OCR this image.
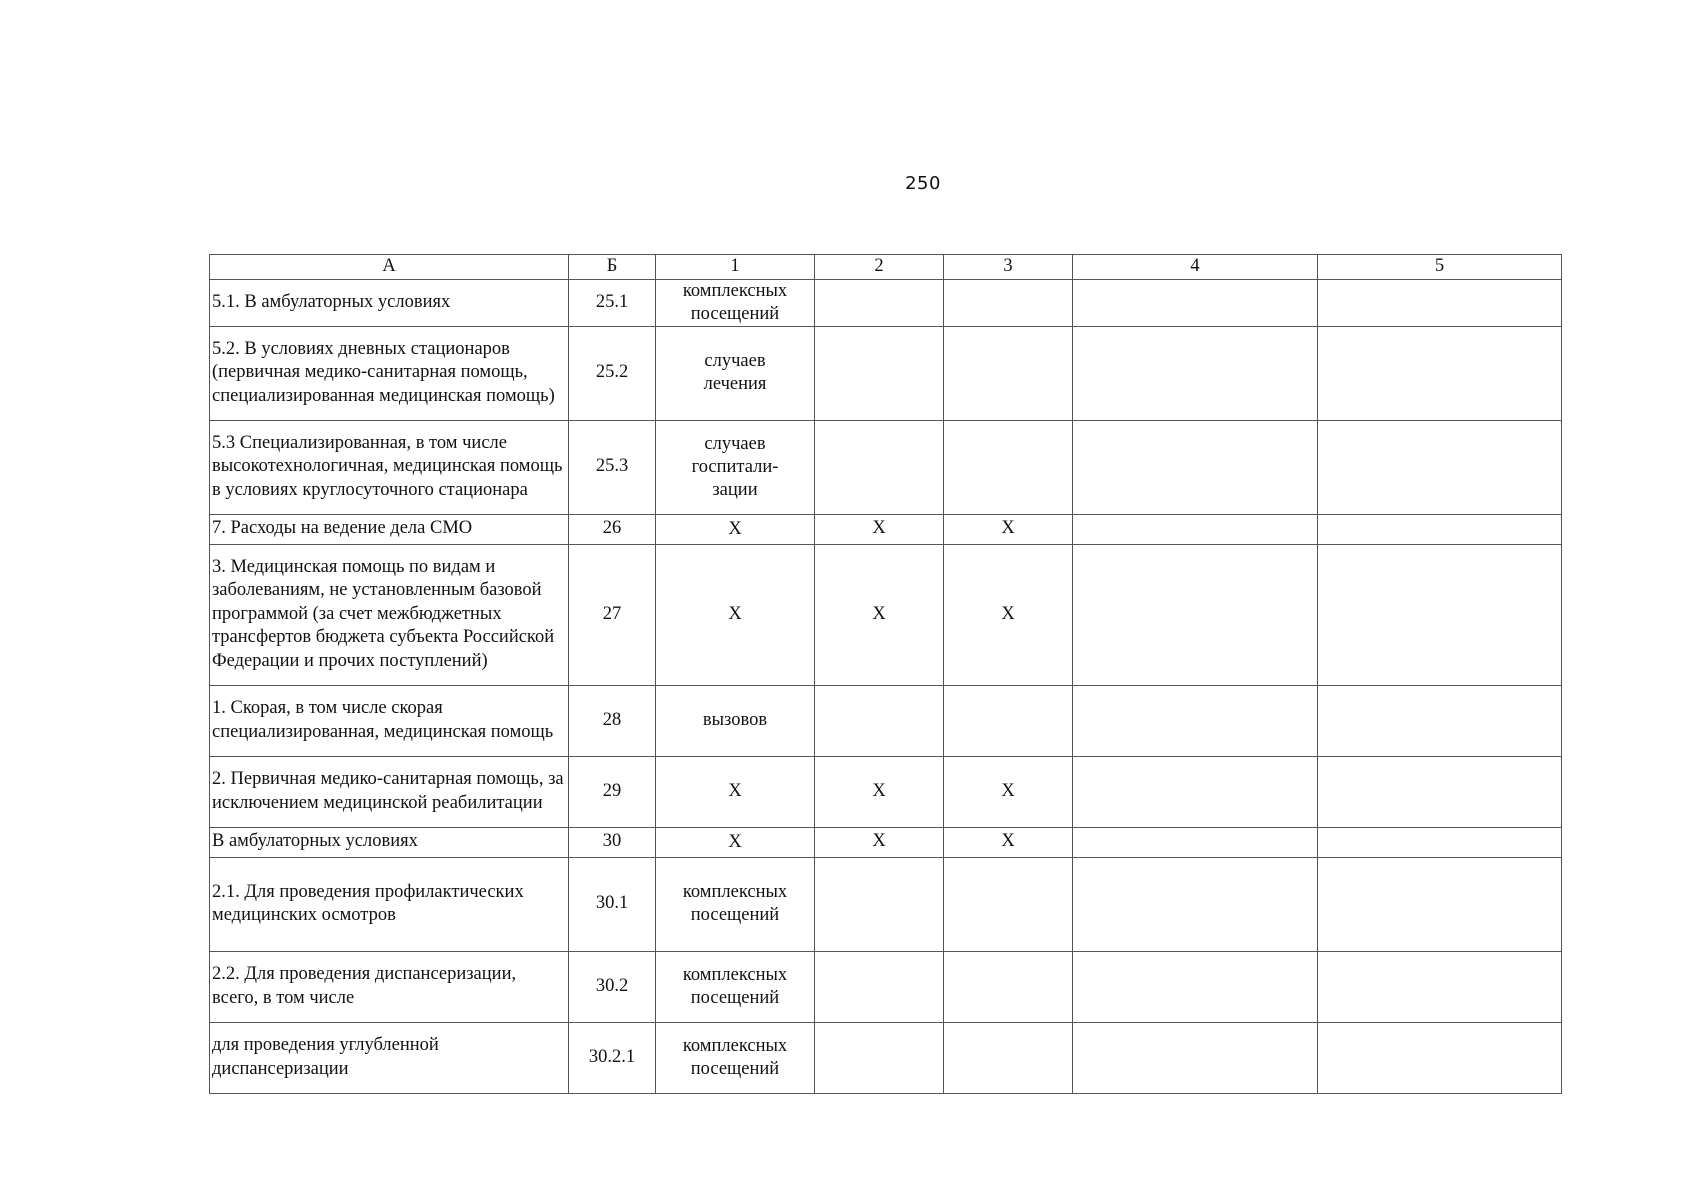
250
А	Б	1	2	3	4	5
5.1. В амбулаторных условиях	25.1	комплексных посещений				
5.2. В условиях дневных стационаров (первичная медико-санитарная помощь, специализированная медицинская помощь)	25.2	случаев лечения				
5.3 Специализированная, в том числе высокотехнологичная, медицинская помощь в условиях круглосуточного стационара	25.3	случаев госпитали-зации				
7. Расходы на ведение дела СМО	26	Х	Х	Х		
3. Медицинская помощь по видам и заболеваниям, не установленным базовой программой (за счет межбюджетных трансфертов бюджета субъекта Российской Федерации и прочих поступлений)	27	Х	Х	Х		
1. Скорая, в том числе скорая специализированная, медицинская помощь	28	вызовов				
2. Первичная медико-санитарная помощь, за исключением медицинской реабилитации	29	Х	Х	Х		
В амбулаторных условиях	30	Х	Х	Х		
2.1. Для проведения профилактических медицинских осмотров	30.1	комплексных посещений				
2.2. Для проведения диспансеризации, всего, в том числе	30.2	комплексных посещений				
для проведения углубленной диспансеризации	30.2.1	комплексных посещений				
